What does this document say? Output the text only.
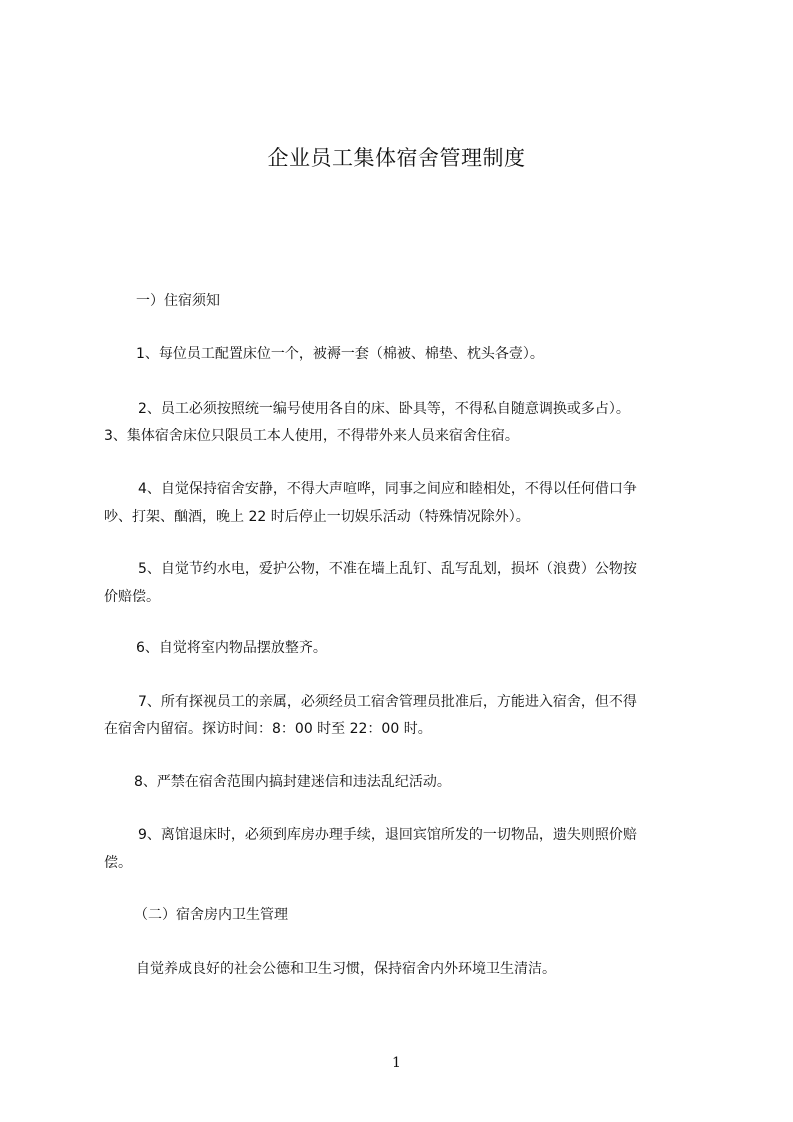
企业员工集体宿舍管理制度
一）住宿须知
1、每位员工配置床位一个，被褥一套（棉被、棉垫、枕头各壹）。
2、员工必须按照统一编号使用各自的床、卧具等，不得私自随意调换或多占）。
3、集体宿舍床位只限员工本人使用，不得带外来人员来宿舍住宿。
4、自觉保持宿舍安静，不得大声喧哗，同事之间应和睦相处，不得以任何借口争
吵、打架、酗酒，晚上 22 时后停止一切娱乐活动（特殊情况除外）。
5、自觉节约水电，爱护公物，不准在墙上乱钉、乱写乱划，损坏（浪费）公物按
价赔偿。
6、自觉将室内物品摆放整齐。
7、所有探视员工的亲属，必须经员工宿舍管理员批准后，方能进入宿舍，但不得
在宿舍内留宿。探访时间：8：00 时至 22：00 时。
8、严禁在宿舍范围内搞封建迷信和违法乱纪活动。
9、离馆退床时，必须到库房办理手续，退回宾馆所发的一切物品，遗失则照价赔
偿。
（二）宿舍房内卫生管理
自觉养成良好的社会公德和卫生习惯，保持宿舍内外环境卫生清洁。
1
